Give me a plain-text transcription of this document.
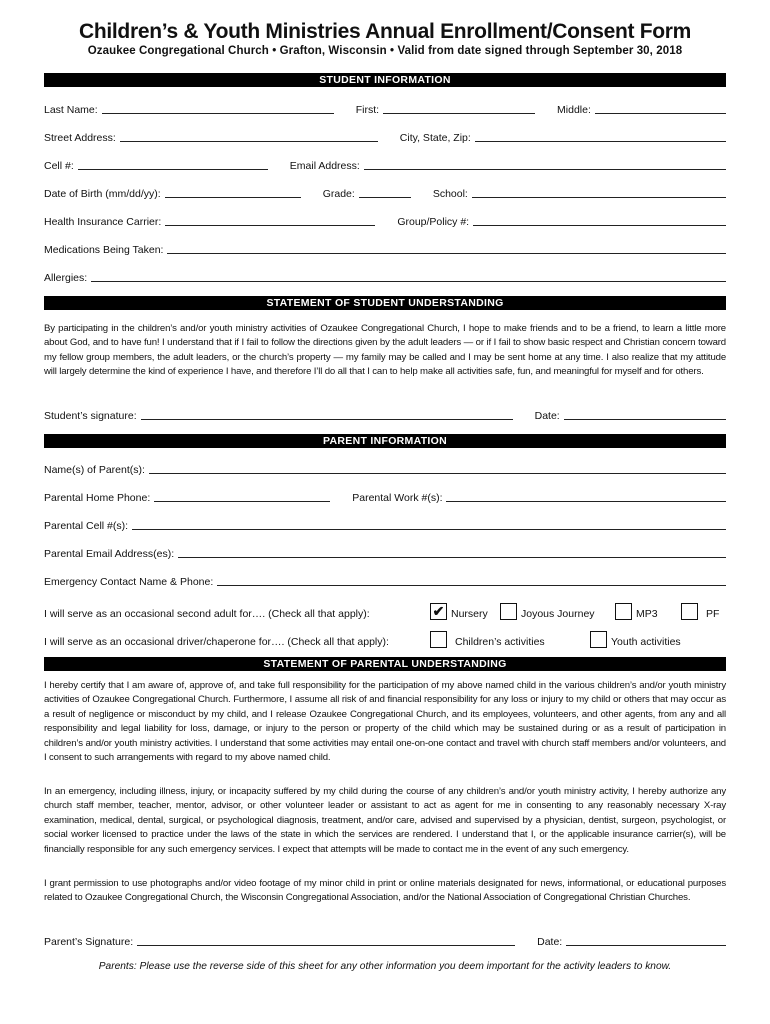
Children’s & Youth Ministries Annual Enrollment/Consent Form
Ozaukee Congregational Church • Grafton, Wisconsin • Valid from date signed through September 30, 2018
STUDENT INFORMATION
Last Name:	First:	Middle:
Street Address:	City, State, Zip:
Cell #:	Email Address:
Date of Birth (mm/dd/yy):	Grade:	School:
Health Insurance Carrier:	Group/Policy #:
Medications Being Taken:
Allergies:
STATEMENT OF STUDENT UNDERSTANDING
By participating in the children’s and/or youth ministry activities of Ozaukee Congregational Church, I hope to make friends and to be a friend, to learn a little more about God, and to have fun! I understand that if I fail to follow the directions given by the adult leaders — or if I fail to show basic respect and Christian concern toward my fellow group members, the adult leaders, or the church’s property — my family may be called and I may be sent home at any time. I also realize that my attitude will largely determine the kind of experience I have, and therefore I’ll do all that I can to help make all activities safe, fun, and meaningful for myself and for others.
Student’s signature:	Date:
PARENT INFORMATION
Name(s) of Parent(s):
Parental Home Phone:	Parental Work #(s):
Parental Cell #(s):
Parental Email Address(es):
Emergency Contact Name & Phone:
I will serve as an occasional second adult for…. (Check all that apply):	✔ Nursery	Joyous Journey	MP3	PF
I will serve as an occasional driver/chaperone for…. (Check all that apply):	Children’s activities	Youth activities
STATEMENT OF PARENTAL UNDERSTANDING
I hereby certify that I am aware of, approve of, and take full responsibility for the participation of my above named child in the various children’s and/or youth ministry activities of Ozaukee Congregational Church. Furthermore, I assume all risk of and financial responsibility for any loss or injury to my child or others that may occur as a result of negligence or misconduct by my child, and I release Ozaukee Congregational Church, and its employees, volunteers, and other agents, from any and all responsibility and legal liability for loss, damage, or injury to the person or property of the child which may be sustained during or as a result of participation in children’s and/or youth ministry activities. I understand that some activities may entail one-on-one contact and travel with church staff members and/or volunteers, and I consent to such arrangements with regard to my above named child.
In an emergency, including illness, injury, or incapacity suffered by my child during the course of any children’s and/or youth ministry activity, I hereby authorize any church staff member, teacher, mentor, advisor, or other volunteer leader or assistant to act as agent for me in consenting to any reasonably necessary X-ray examination, medical, dental, surgical, or psychological diagnosis, treatment, and/or care, advised and supervised by a physician, dentist, surgeon, psychologist, or social worker licensed to practice under the laws of the state in which the services are rendered. I understand that I, or the applicable insurance carrier(s), will be financially responsible for any such emergency services. I expect that attempts will be made to contact me in the event of any such emergency.
I grant permission to use photographs and/or video footage of my minor child in print or online materials designated for news, informational, or educational purposes related to Ozaukee Congregational Church, the Wisconsin Congregational Association, and/or the National Association of Congregational Christian Churches.
Parent’s Signature:	Date:
Parents: Please use the reverse side of this sheet for any other information you deem important for the activity leaders to know.
